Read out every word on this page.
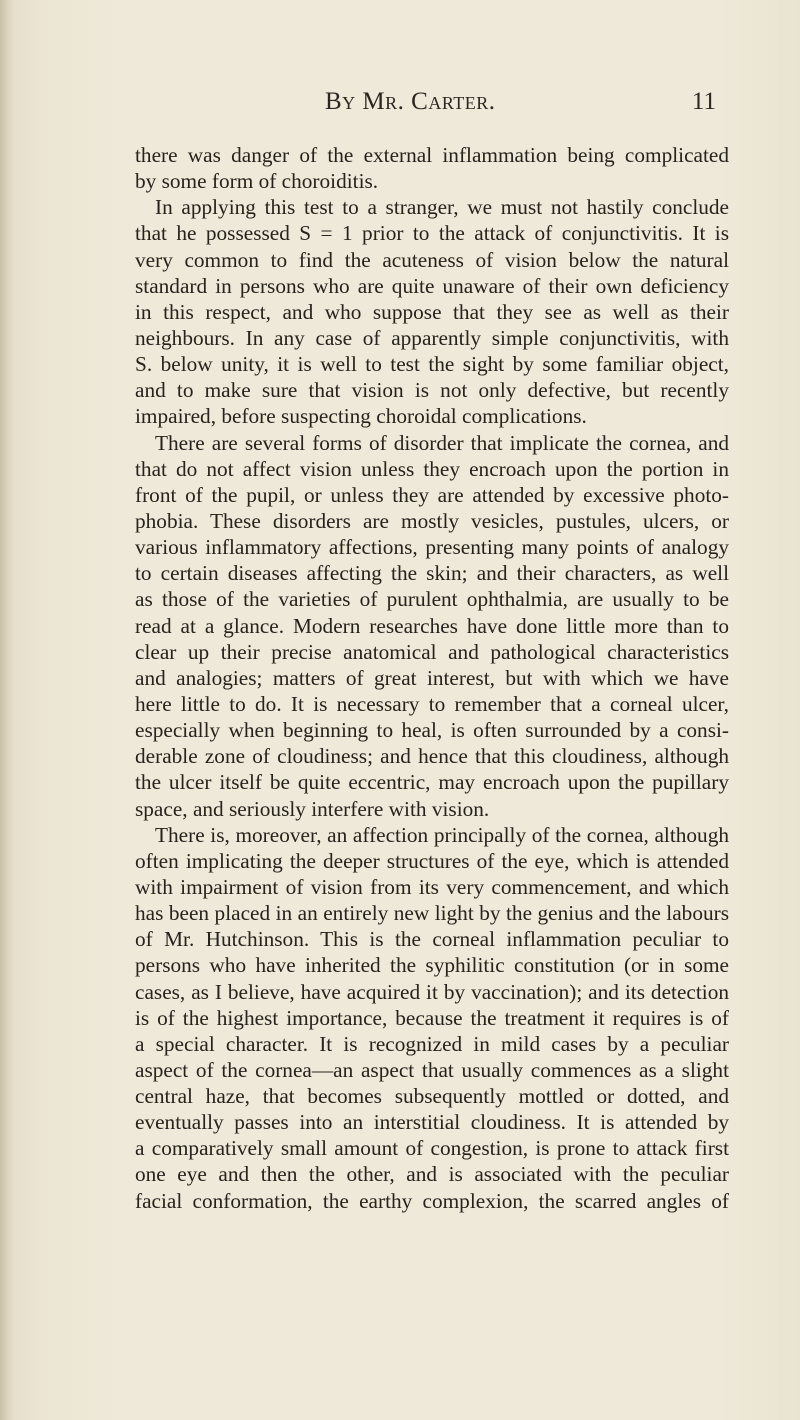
By Mr. Carter.	11
there was danger of the external inflammation being complicated
by some form of choroiditis.
In applying this test to a stranger, we must not hastily conclude
that he possessed S = 1 prior to the attack of conjunctivitis. It is
very common to find the acuteness of vision below the natural
standard in persons who are quite unaware of their own deficiency
in this respect, and who suppose that they see as well as their
neighbours. In any case of apparently simple conjunctivitis, with
S. below unity, it is well to test the sight by some familiar object,
and to make sure that vision is not only defective, but recently
impaired, before suspecting choroidal complications.
There are several forms of disorder that implicate the cornea, and
that do not affect vision unless they encroach upon the portion in
front of the pupil, or unless they are attended by excessive photo-
phobia. These disorders are mostly vesicles, pustules, ulcers, or
various inflammatory affections, presenting many points of analogy
to certain diseases affecting the skin; and their characters, as well
as those of the varieties of purulent ophthalmia, are usually to be
read at a glance. Modern researches have done little more than to
clear up their precise anatomical and pathological characteristics
and analogies; matters of great interest, but with which we have
here little to do. It is necessary to remember that a corneal ulcer,
especially when beginning to heal, is often surrounded by a consi-
derable zone of cloudiness; and hence that this cloudiness, although
the ulcer itself be quite eccentric, may encroach upon the pupillary
space, and seriously interfere with vision.
There is, moreover, an affection principally of the cornea, although
often implicating the deeper structures of the eye, which is attended
with impairment of vision from its very commencement, and which
has been placed in an entirely new light by the genius and the labours
of Mr. Hutchinson. This is the corneal inflammation peculiar to
persons who have inherited the syphilitic constitution (or in some
cases, as I believe, have acquired it by vaccination); and its detection
is of the highest importance, because the treatment it requires is of
a special character. It is recognized in mild cases by a peculiar
aspect of the cornea—an aspect that usually commences as a slight
central haze, that becomes subsequently mottled or dotted, and
eventually passes into an interstitial cloudiness. It is attended by
a comparatively small amount of congestion, is prone to attack first
one eye and then the other, and is associated with the peculiar
facial conformation, the earthy complexion, the scarred angles of
